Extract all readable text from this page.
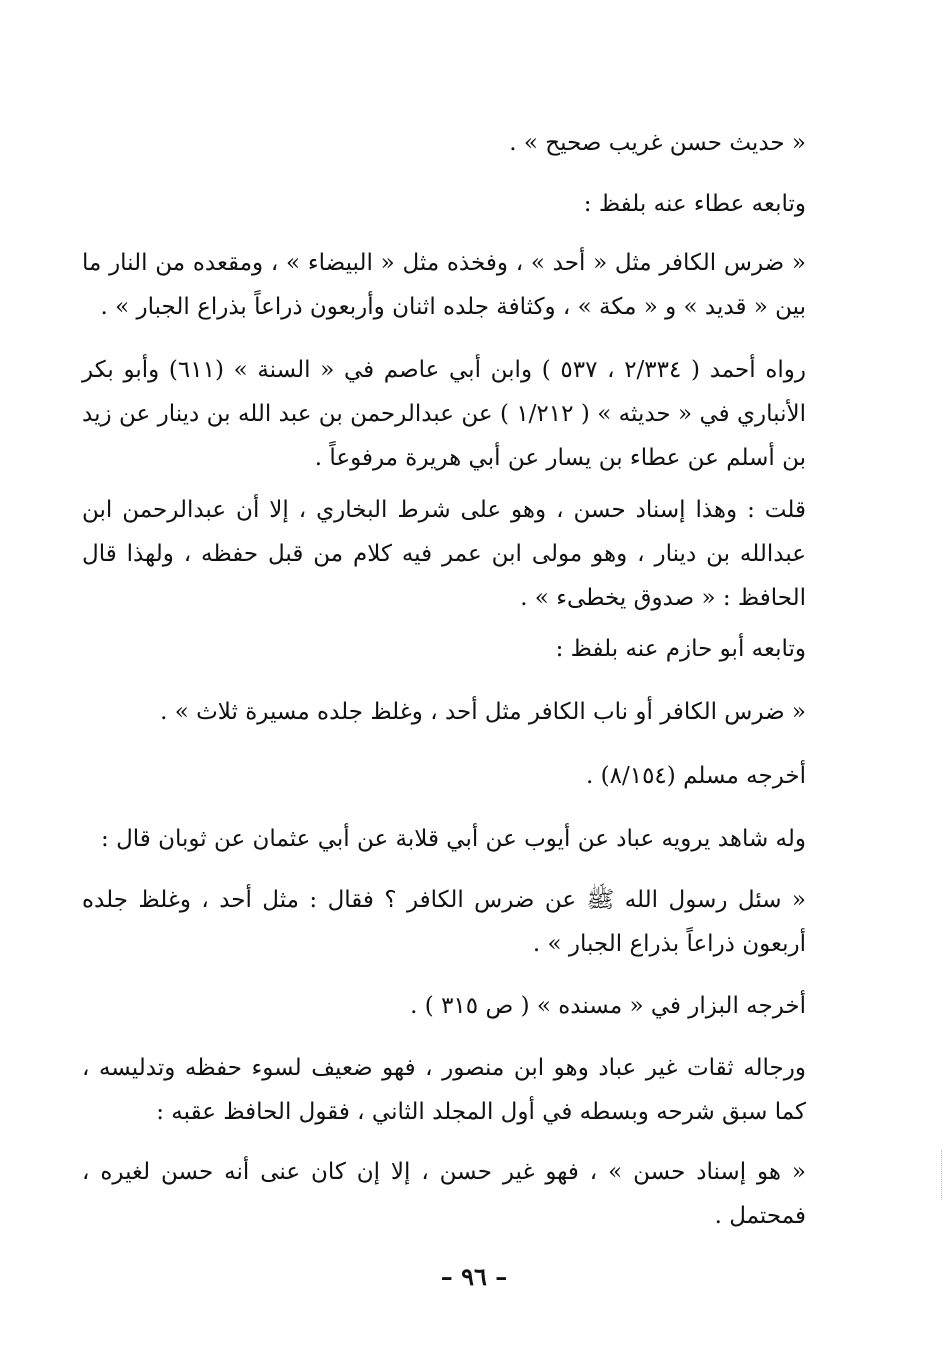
« حديث حسن غريب صحيح » .

وتابعه عطاء عنه بلفظ :

« ضرس الكافر مثل « أحد » ، وفخذه مثل « البيضاء » ، ومقعده من النار ما بين « قديد » و « مكة » ، وكثافة جلده اثنان وأربعون ذراعاً بذراع الجبار » .

رواه أحمد ( ٢/٣٣٤ ، ٥٣٧ ) وابن أبي عاصم في « السنة » (٦١١) وأبو بكر الأنباري في « حديثه » ( ١/٢١٢ ) عن عبدالرحمن بن عبد الله بن دينار عن زيد بن أسلم عن عطاء بن يسار عن أبي هريرة مرفوعاً .

قلت : وهذا إسناد حسن ، وهو على شرط البخاري ، إلا أن عبدالرحمن ابن عبدالله بن دينار ، وهو مولى ابن عمر فيه كلام من قبل حفظه ، ولهذا قال الحافظ : « صدوق يخطىء » .

وتابعه أبو حازم عنه بلفظ :

« ضرس الكافر أو ناب الكافر مثل أحد ، وغلظ جلده مسيرة ثلاث » .

أخرجه مسلم (٨/١٥٤) .

وله شاهد يرويه عباد عن أيوب عن أبي قلابة عن أبي عثمان عن ثوبان قال :

« سئل رسول الله ﷺ عن ضرس الكافر ؟ فقال : مثل أحد ، وغلظ جلده أربعون ذراعاً بذراع الجبار » .

أخرجه البزار في « مسنده » ( ص ٣١٥ ) .

ورجاله ثقات غير عباد وهو ابن منصور ، فهو ضعيف لسوء حفظه وتدليسه ، كما سبق شرحه وبسطه في أول المجلد الثاني ، فقول الحافظ عقبه :

« هو إسناد حسن » ، فهو غير حسن ، إلا إن كان عنى أنه حسن لغيره ، فمحتمل .

– ٩٦ –
